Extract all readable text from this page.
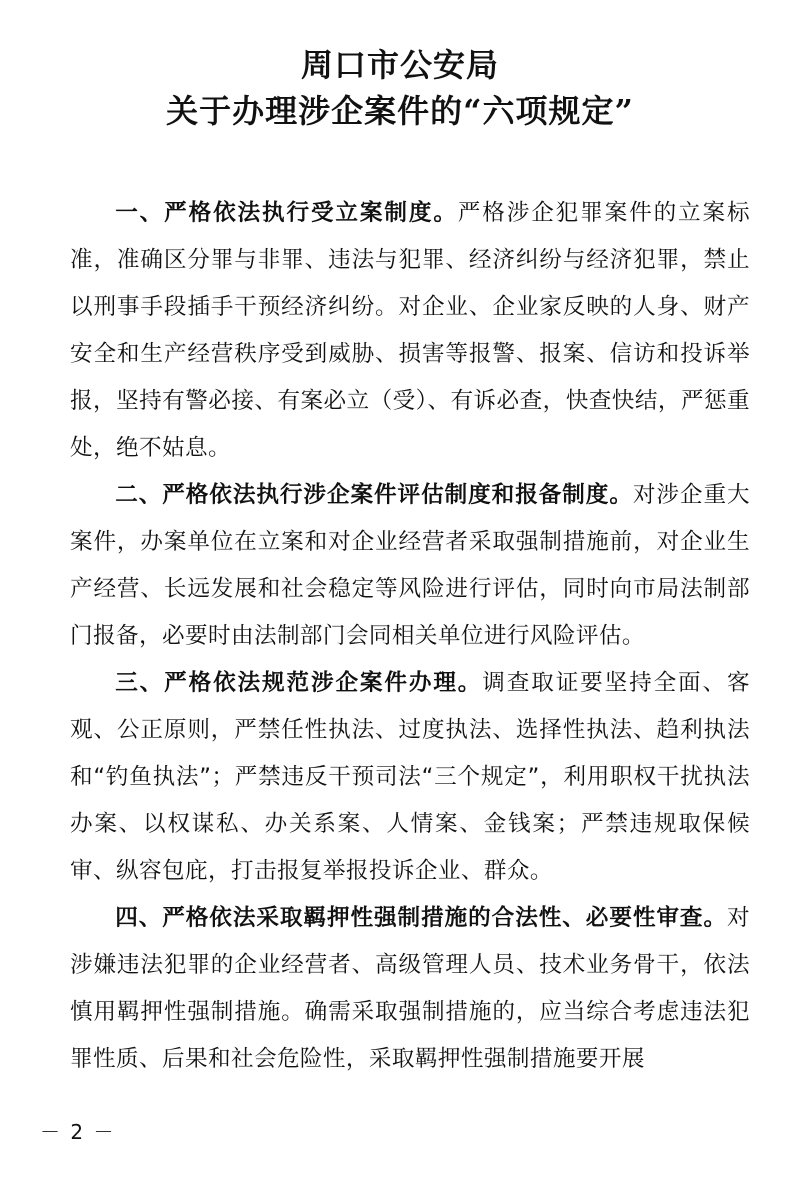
周口市公安局
关于办理涉企案件的“六项规定”

一、严格依法执行受立案制度。严格涉企犯罪案件的立案标准，准确区分罪与非罪、违法与犯罪、经济纠纷与经济犯罪，禁止以刑事手段插手干预经济纠纷。对企业、企业家反映的人身、财产安全和生产经营秩序受到威胁、损害等报警、报案、信访和投诉举报，坚持有警必接、有案必立（受）、有诉必查，快查快结，严惩重处，绝不姑息。

二、严格依法执行涉企案件评估制度和报备制度。对涉企重大案件，办案单位在立案和对企业经营者采取强制措施前，对企业生产经营、长远发展和社会稳定等风险进行评估，同时向市局法制部门报备，必要时由法制部门会同相关单位进行风险评估。

三、严格依法规范涉企案件办理。调查取证要坚持全面、客观、公正原则，严禁任性执法、过度执法、选择性执法、趋利执法和“钓鱼执法”；严禁违反干预司法“三个规定”，利用职权干扰执法办案、以权谋私、办关系案、人情案、金钱案；严禁违规取保候审、纵容包庇，打击报复举报投诉企业、群众。

四、严格依法采取羁押性强制措施的合法性、必要性审查。对涉嫌违法犯罪的企业经营者、高级管理人员、技术业务骨干，依法慎用羁押性强制措施。确需采取强制措施的，应当综合考虑违法犯罪性质、后果和社会危险性，采取羁押性强制措施要开展

－ 2 －
